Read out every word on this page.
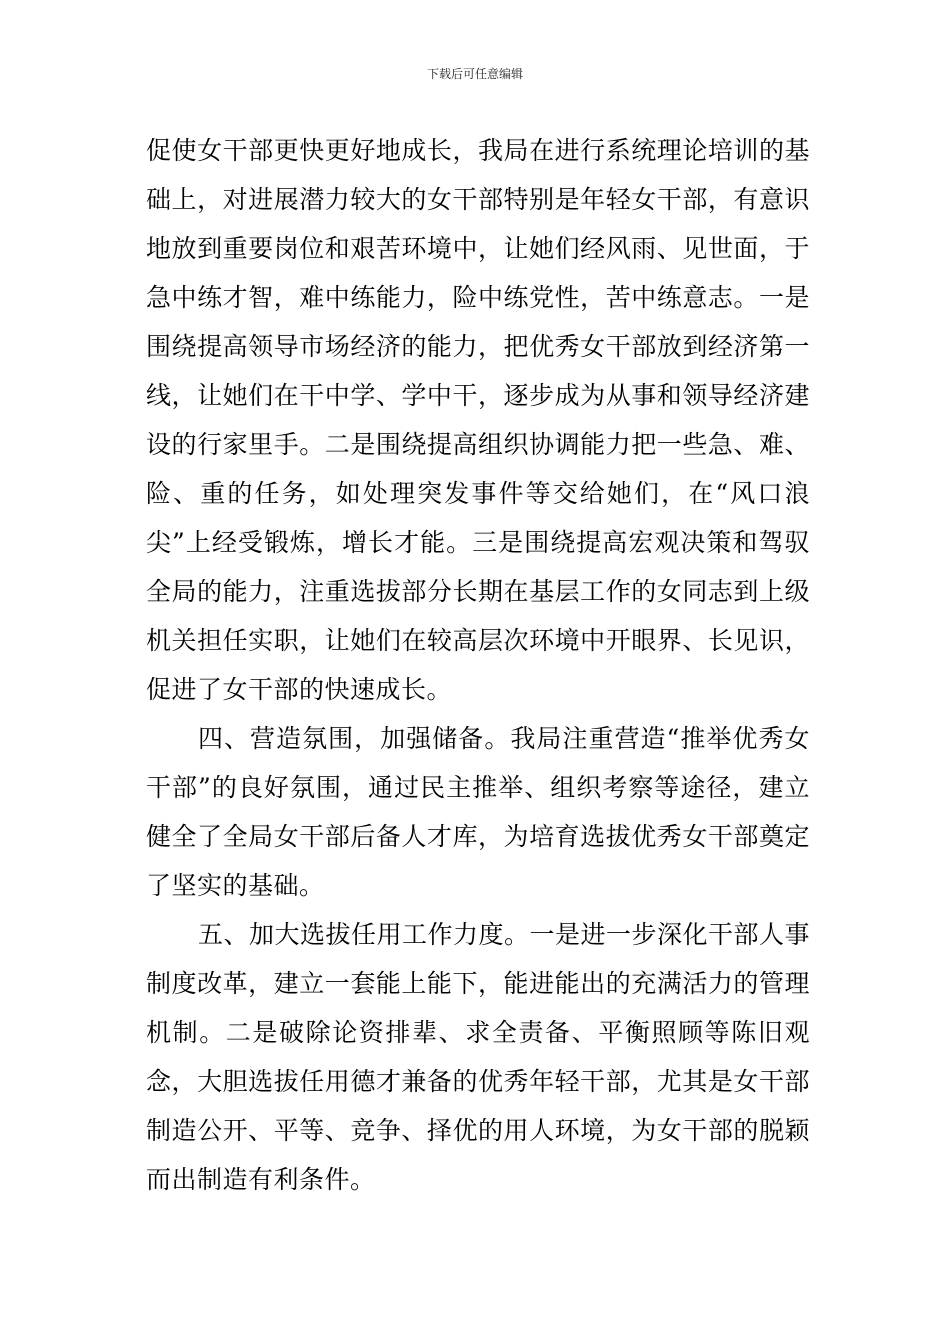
下载后可任意编辑

促使女干部更快更好地成长，我局在进行系统理论培训的基础上，对进展潜力较大的女干部特别是年轻女干部，有意识地放到重要岗位和艰苦环境中，让她们经风雨、见世面，于急中练才智，难中练能力，险中练党性，苦中练意志。一是围绕提高领导市场经济的能力，把优秀女干部放到经济第一线，让她们在干中学、学中干，逐步成为从事和领导经济建设的行家里手。二是围绕提高组织协调能力把一些急、难、险、重的任务，如处理突发事件等交给她们，在“风口浪尖”上经受锻炼，增长才能。三是围绕提高宏观决策和驾驭全局的能力，注重选拔部分长期在基层工作的女同志到上级机关担任实职，让她们在较高层次环境中开眼界、长见识，促进了女干部的快速成长。

四、营造氛围，加强储备。我局注重营造“推举优秀女干部”的良好氛围，通过民主推举、组织考察等途径，建立健全了全局女干部后备人才库，为培育选拔优秀女干部奠定了坚实的基础。

五、加大选拔任用工作力度。一是进一步深化干部人事制度改革，建立一套能上能下，能进能出的充满活力的管理机制。二是破除论资排辈、求全责备、平衡照顾等陈旧观念，大胆选拔任用德才兼备的优秀年轻干部，尤其是女干部制造公开、平等、竞争、择优的用人环境，为女干部的脱颖而出制造有利条件。
